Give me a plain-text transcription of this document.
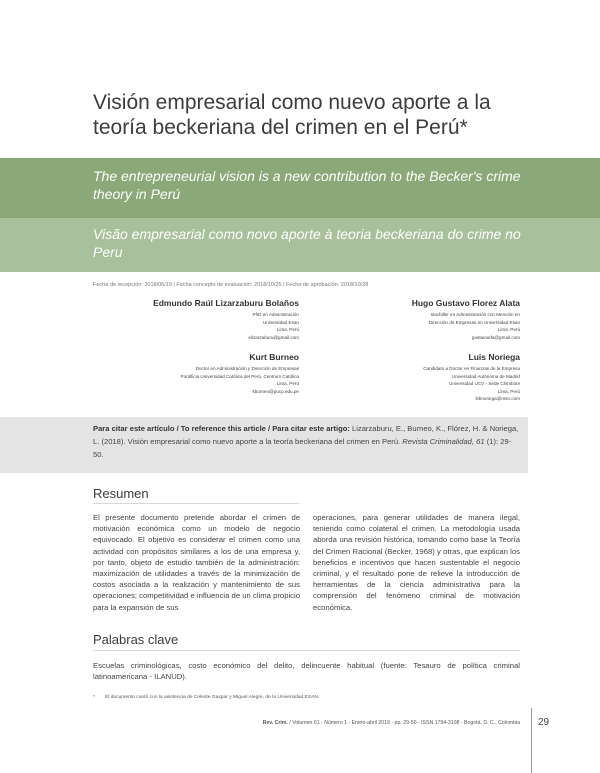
Visión empresarial como nuevo aporte a la teoría beckeriana del crimen en el Perú*
The entrepreneurial vision is a new contribution to the Becker's crime theory in Perú
Visão empresarial como novo aporte à teoria beckeriana do crime no Peru
Fecha de recepción: 2018/06/19 | Fecha concepto de evaluación: 2018/10/25 | Fecha de aprobación: 2018/10/28
Edmundo Raúl Lizarzaburu Bolaños
PhD en Administración
Universidad Esan
Lima, Perú
elizarzaburu@gmail.com
Hugo Gustavo Florez Alata
Bachiller en Administración con Mención en
Dirección de Empresas en Universidad Esan
Lima, Perú
gustavoefa@gmail.com
Kurt Burneo
Doctor en Administración y Dirección de Empresas
Pontificia Universidad Católica del Perú, Centrum Católica
Lima, Perú
kburneo@pucp.edu.pe
Luis Noriega
Candidato a Doctor en Finanzas de la Empresa
Universidad Autónoma de Madrid
Universidad UCV - Sede Chimbote
Lima, Perú
lsbnoriega@msn.com
Para citar este artículo / To reference this article / Para citar este artigo: Lizarzaburu, E., Burneo, K., Flórez, H. & Noriega, L. (2018). Visión empresarial como nuevo aporte a la teoría beckeriana del crimen en Perú. Revista Criminalidad, 61 (1): 29-50.
Resumen
El presente documento pretende abordar el crimen de motivación económica como un modelo de negocio equivocado. El objetivo es considerar el crimen como una actividad con propósitos similares a los de una empresa y, por tanto, objeto de estudio también de la administración: maximización de utilidades a través de la minimización de costos asociada a la realización y mantenimiento de sus operaciones; competitividad e influencia de un clima propicio para la expansión de sus
operaciones, para generar utilidades de manera ilegal, teniendo como colateral el crimen. La metodología usada aborda una revisión histórica, tomando como base la Teoría del Crimen Racional (Becker, 1968) y otras, que explican los beneficios e incentivos que hacen sustentable el negocio criminal, y el resultado pone de relieve la introducción de herramientas de la ciencia administrativa para la comprensión del fenómeno criminal de motivación económica.
Palabras clave
Escuelas criminológicas, costo económico del delito, delincuente habitual (fuente: Tesauro de política criminal latinoamericana - ILANUD).
* El documento contó con la asistencia de Celeste Gaspar y Miguel Alegre, de la Universidad ESAN.
Rev. Crim. / Volumen 61 - Número 1 - Enero-abril 2019 - pp. 29-50 - ISSN 1794-3108 - Bogotá, D. C., Colombia 29
